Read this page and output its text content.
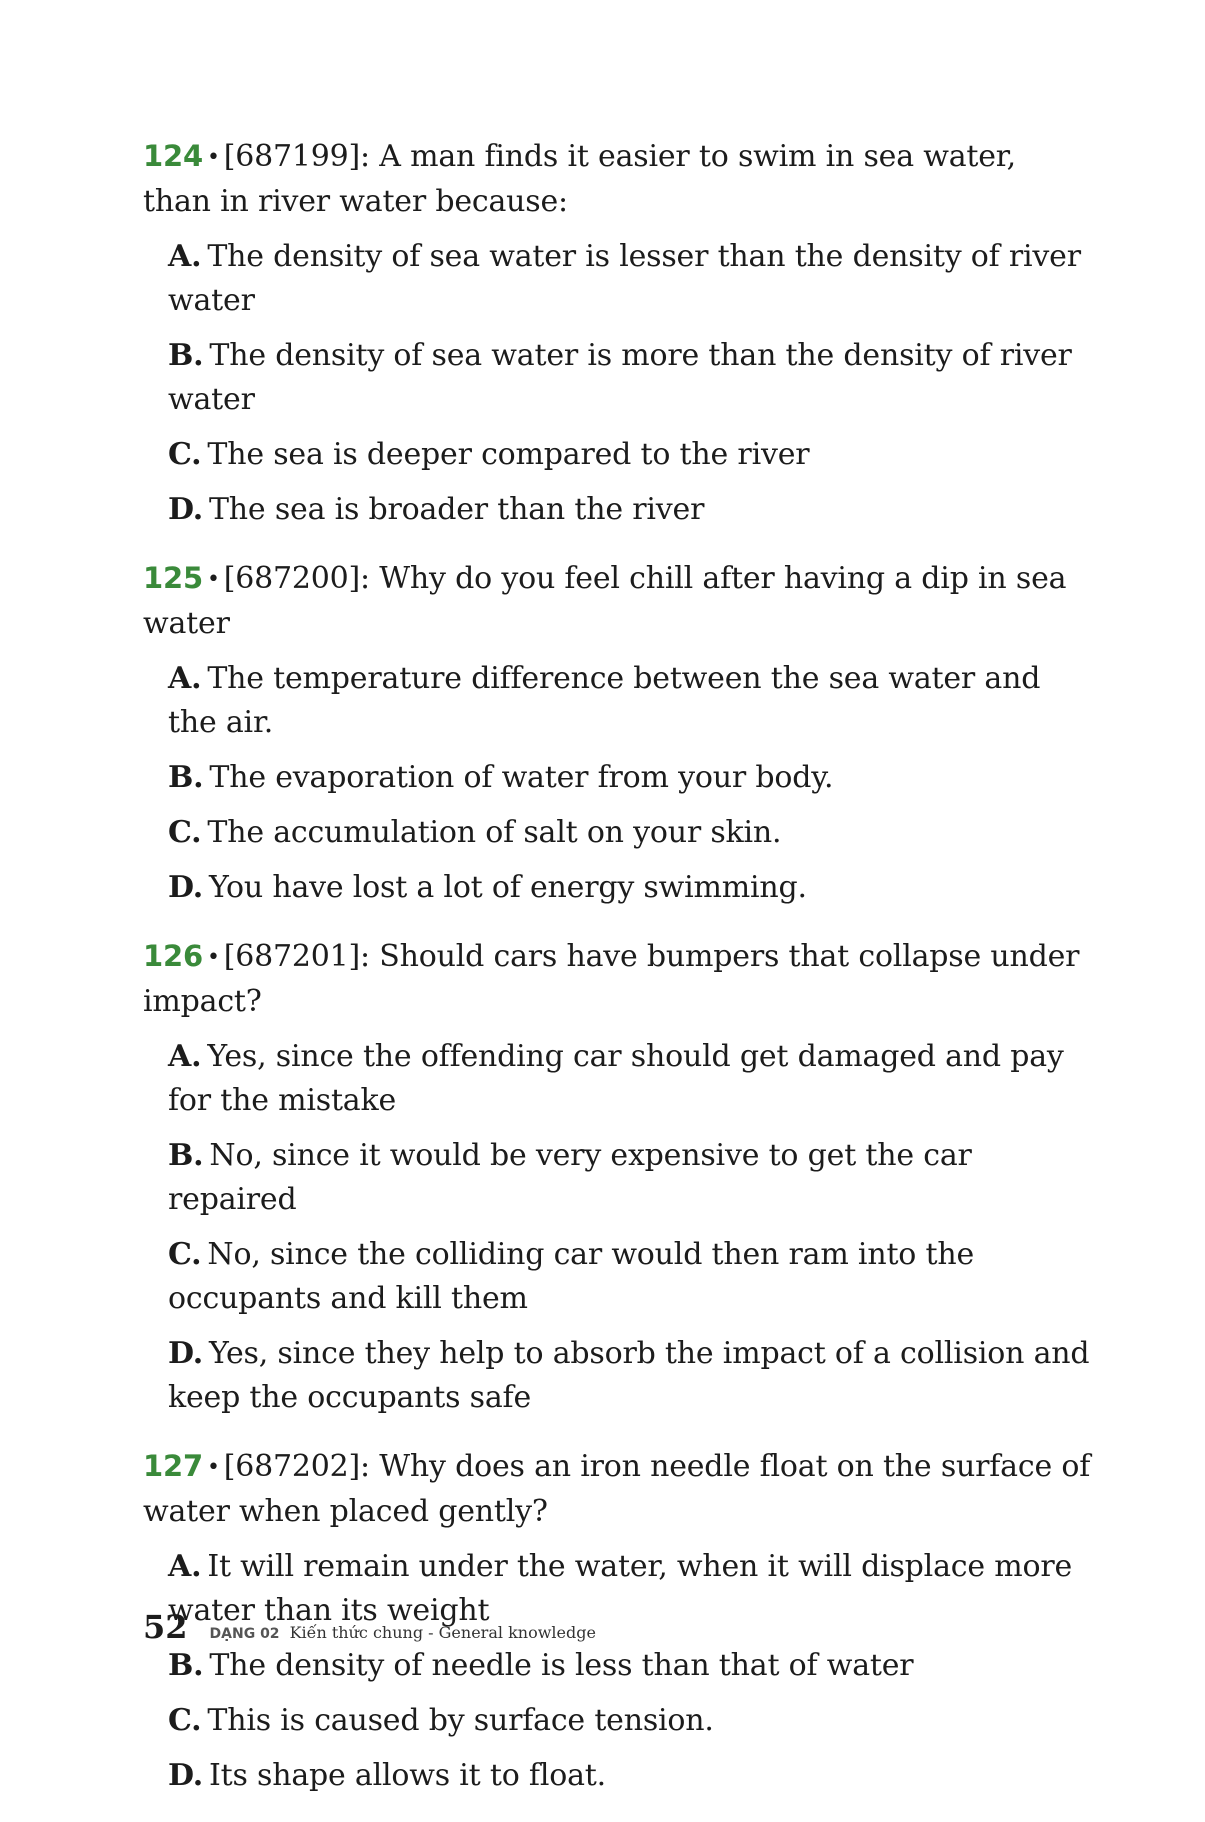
124 • [687199]: A man finds it easier to swim in sea water, than in river water because:

A. The density of sea water is lesser than the density of river water
B. The density of sea water is more than the density of river water
C. The sea is deeper compared to the river
D. The sea is broader than the river

125 • [687200]: Why do you feel chill after having a dip in sea water

A. The temperature difference between the sea water and the air.
B. The evaporation of water from your body.
C. The accumulation of salt on your skin.
D. You have lost a lot of energy swimming.

126 • [687201]: Should cars have bumpers that collapse under impact?

A. Yes, since the offending car should get damaged and pay for the mistake
B. No, since it would be very expensive to get the car repaired
C. No, since the colliding car would then ram into the occupants and kill them
D. Yes, since they help to absorb the impact of a collision and keep the occupants safe

127 • [687202]: Why does an iron needle float on the surface of water when placed gently?

A. It will remain under the water, when it will displace more water than its weight
B. The density of needle is less than that of water
C. This is caused by surface tension.
D. Its shape allows it to float.
52 DẠNG 02 Kiến thức chung - General knowledge
